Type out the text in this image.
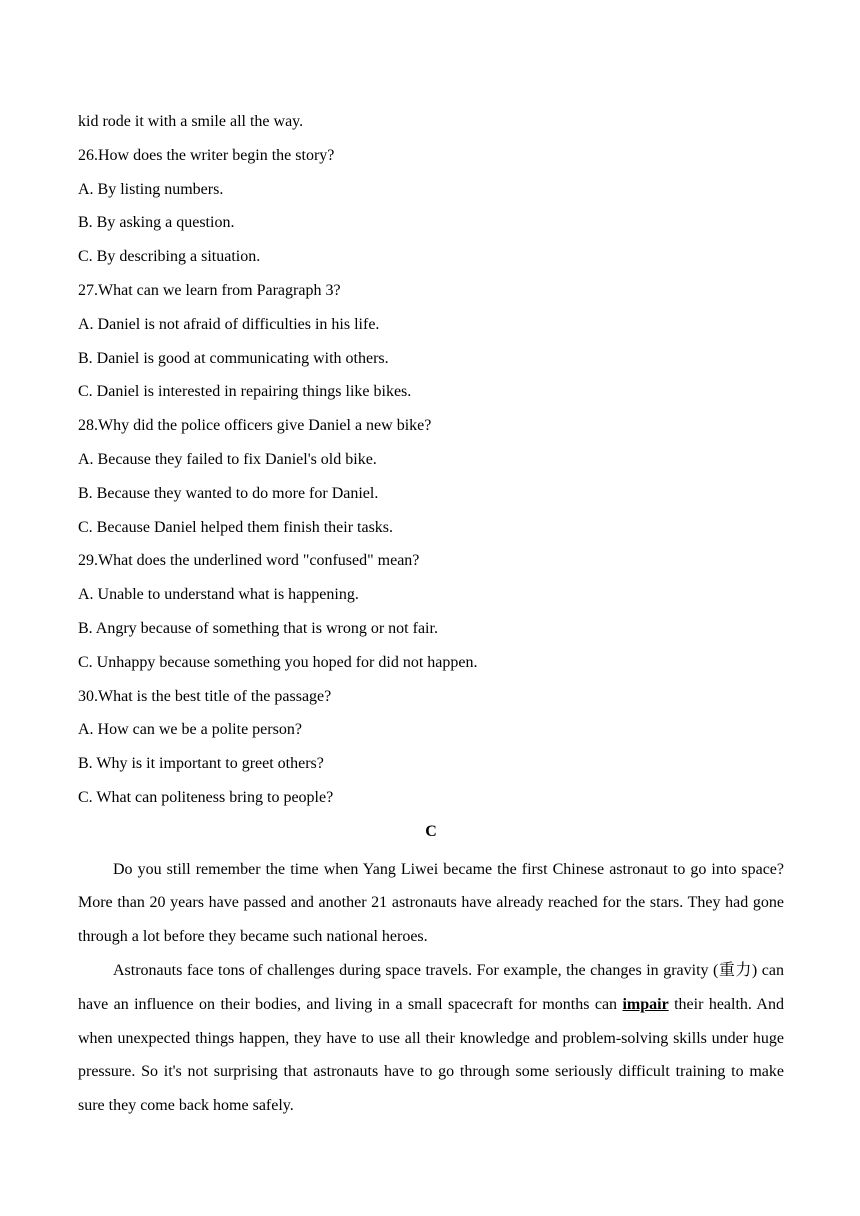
kid rode it with a smile all the way.
26.How does the writer begin the story?
A. By listing numbers.
B. By asking a question.
C. By describing a situation.
27.What can we learn from Paragraph 3?
A. Daniel is not afraid of difficulties in his life.
B. Daniel is good at communicating with others.
C. Daniel is interested in repairing things like bikes.
28.Why did the police officers give Daniel a new bike?
A. Because they failed to fix Daniel's old bike.
B. Because they wanted to do more for Daniel.
C. Because Daniel helped them finish their tasks.
29.What does the underlined word "confused" mean?
A. Unable to understand what is happening.
B. Angry because of something that is wrong or not fair.
C. Unhappy because something you hoped for did not happen.
30.What is the best title of the passage?
A. How can we be a polite person?
B. Why is it important to greet others?
C. What can politeness bring to people?
C

Do you still remember the time when Yang Liwei became the first Chinese astronaut to go into space? More than 20 years have passed and another 21 astronauts have already reached for the stars. They had gone through a lot before they became such national heroes.

Astronauts face tons of challenges during space travels. For example, the changes in gravity (重力) can have an influence on their bodies, and living in a small spacecraft for months can impair their health. And when unexpected things happen, they have to use all their knowledge and problem-solving skills under huge pressure. So it's not surprising that astronauts have to go through some seriously difficult training to make sure they come back home safely.
